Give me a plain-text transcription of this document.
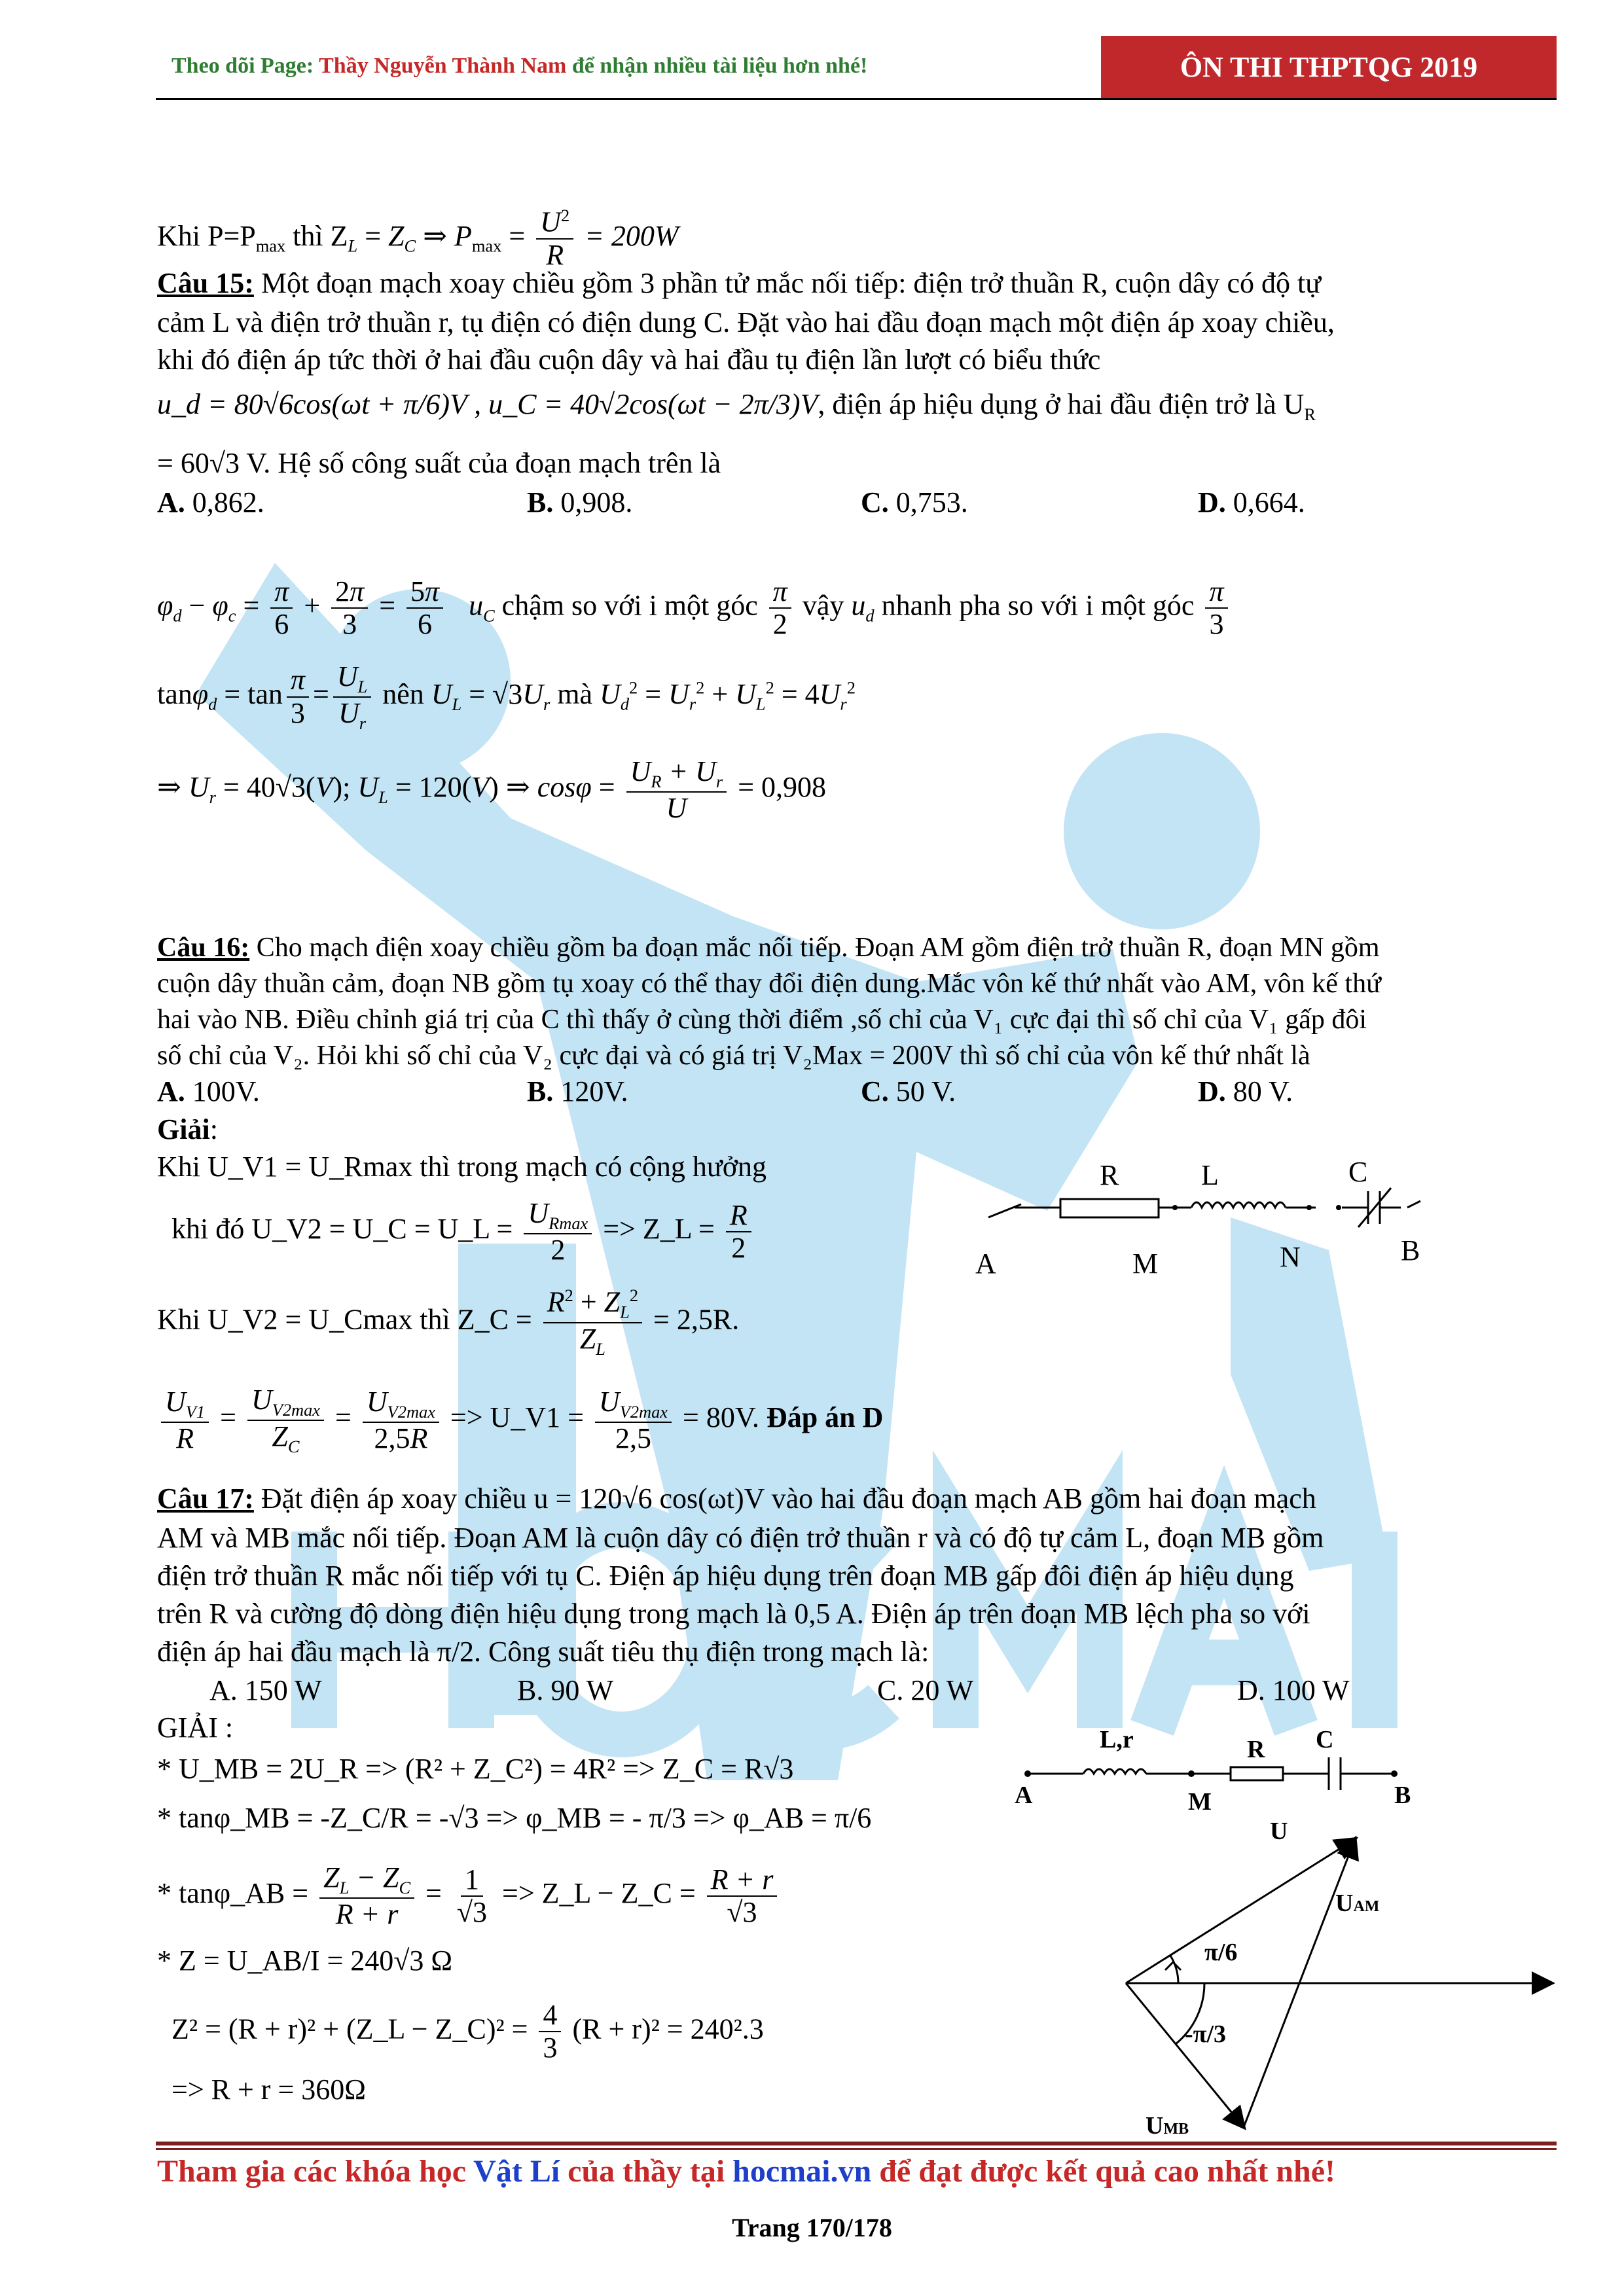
Theo dõi Page: Thầy Nguyễn Thành Nam để nhận nhiều tài liệu hơn nhé!	ÔN THI THPTQG 2019
Khi $P=P_{max}$ thì $Z_L = Z_C$ ⇒ $P_{max} = \frac{U^2}{R} = 200W$
Câu 15: Một đoạn mạch xoay chiều gồm 3 phần tử mắc nối tiếp: điện trở thuần R, cuộn dây có độ tự
cảm L và điện trở thuần r, tụ điện có điện dung C. Đặt vào hai đầu đoạn mạch một điện áp xoay chiều,
khi đó điện áp tức thời ở hai đầu cuộn dây và hai đầu tụ điện lần lượt có biểu thức
u_d = 80√6cos(ωt + π/6)V , u_C = 40√2cos(ωt − 2π/3)V, điện áp hiệu dụng ở hai đầu điện trở là $U_R$
= 60√3 V. Hệ số công suất của đoạn mạch trên là
A. 0,862.	B. 0,908.	C. 0,753.	D. 0,664.
$\varphi_d - \varphi_c = \frac{\pi}{6} + \frac{2\pi}{3} = \frac{5\pi}{6} u_C$ chậm so với i một góc $\frac{\pi}{2}$ vậy $u_d$ nhanh pha so với i một góc $\frac{\pi}{3}$
$\tan\varphi_d = \tan \frac{\pi}{3} = \frac{U_L}{U_r}$ nên $U_L = √3U_r$ mà $U_d^2 = U_r^2 + U_L^2 = 4U_r^2$
⇒ $U_r = 40√3(V)$; $U_L = 120(V)$ ⇒ $\cos\varphi = \frac{U_R + U_r}{U} = 0,908$
Câu 16: Cho mạch điện xoay chiều gồm ba đoạn mắc nối tiếp. Đoạn AM gồm điện trở thuần R, đoạn MN gồm
cuộn dây thuần cảm, đoạn NB gồm tụ xoay có thể thay đổi điện dung.Mắc vôn kế thứ nhất vào AM, vôn kế thứ
hai vào NB. Điều chỉnh giá trị của C thì thấy ở cùng thời điểm ,số chỉ của V₁ cực đại thì số chỉ của V₁ gấp đôi
số chỉ của V₂. Hỏi khi số chỉ của V₂ cực đại và có giá trị V₂Max = 200V thì số chỉ của vôn kế thứ nhất là
A. 100V.	B. 120V.	C. 50 V.	D. 80 V.
Giải:
Khi U_V1 = U_Rmax thì trong mạch có cộng hưởng
khi đó U_V2 = U_C = U_L = $\frac{U_{Rmax}}{2}$ => Z_L = $\frac{R}{2}$
Khi U_V2 = U_Cmax thì Z_C = $\frac{R^2 + Z_L^2}{Z_L} = 2,5R$.
$\frac{U_{V1}}{R} = \frac{U_{V2max}}{Z_C} = \frac{U_{V2max}}{2,5R}$ => U_V1 = $\frac{U_{V2max}}{2,5} = 80V$. Đáp án D
R	L	C
A	M	N	B
Câu 17: Đặt điện áp xoay chiều u = 120√6 cos(ωt)V vào hai đầu đoạn mạch AB gồm hai đoạn mạch
AM và MB mắc nối tiếp. Đoạn AM là cuộn dây có điện trở thuần r và có độ tự cảm L, đoạn MB gồm
điện trở thuần R mắc nối tiếp với tụ C. Điện áp hiệu dụng trên đoạn MB gấp đôi điện áp hiệu dụng
trên R và cường độ dòng điện hiệu dụng trong mạch là 0,5 A. Điện áp trên đoạn MB lệch pha so với
điện áp hai đầu mạch là π/2. Công suất tiêu thụ điện trong mạch là:
A. 150 W	B. 90 W	C. 20 W	D. 100 W
GIẢI :
* U_MB = 2U_R => (R² + Z_C²) = 4R² => Z_C = R√3
* tanφ_MB = -Z_C/R = -√3 => φ_MB = - π/3 => φ_AB = π/6
* tanφ_AB = $\frac{Z_L - Z_C}{R + r} = \frac{1}{√3}$ => Z_L − Z_C = $\frac{R + r}{√3}$
* Z = U_AB/I = 240√3 Ω
Z² = (R + r)² + (Z_L − Z_C)² = $\frac{4}{3} (R + r)^2 = 240^2.3$
=> R + r = 360Ω
L,r	R C
A	M	B
U
UAM
π/6
-π/3
UMB
Tham gia các khóa học Vật Lí của thầy tại hocmai.vn để đạt được kết quả cao nhất nhé!
Trang 170/178
